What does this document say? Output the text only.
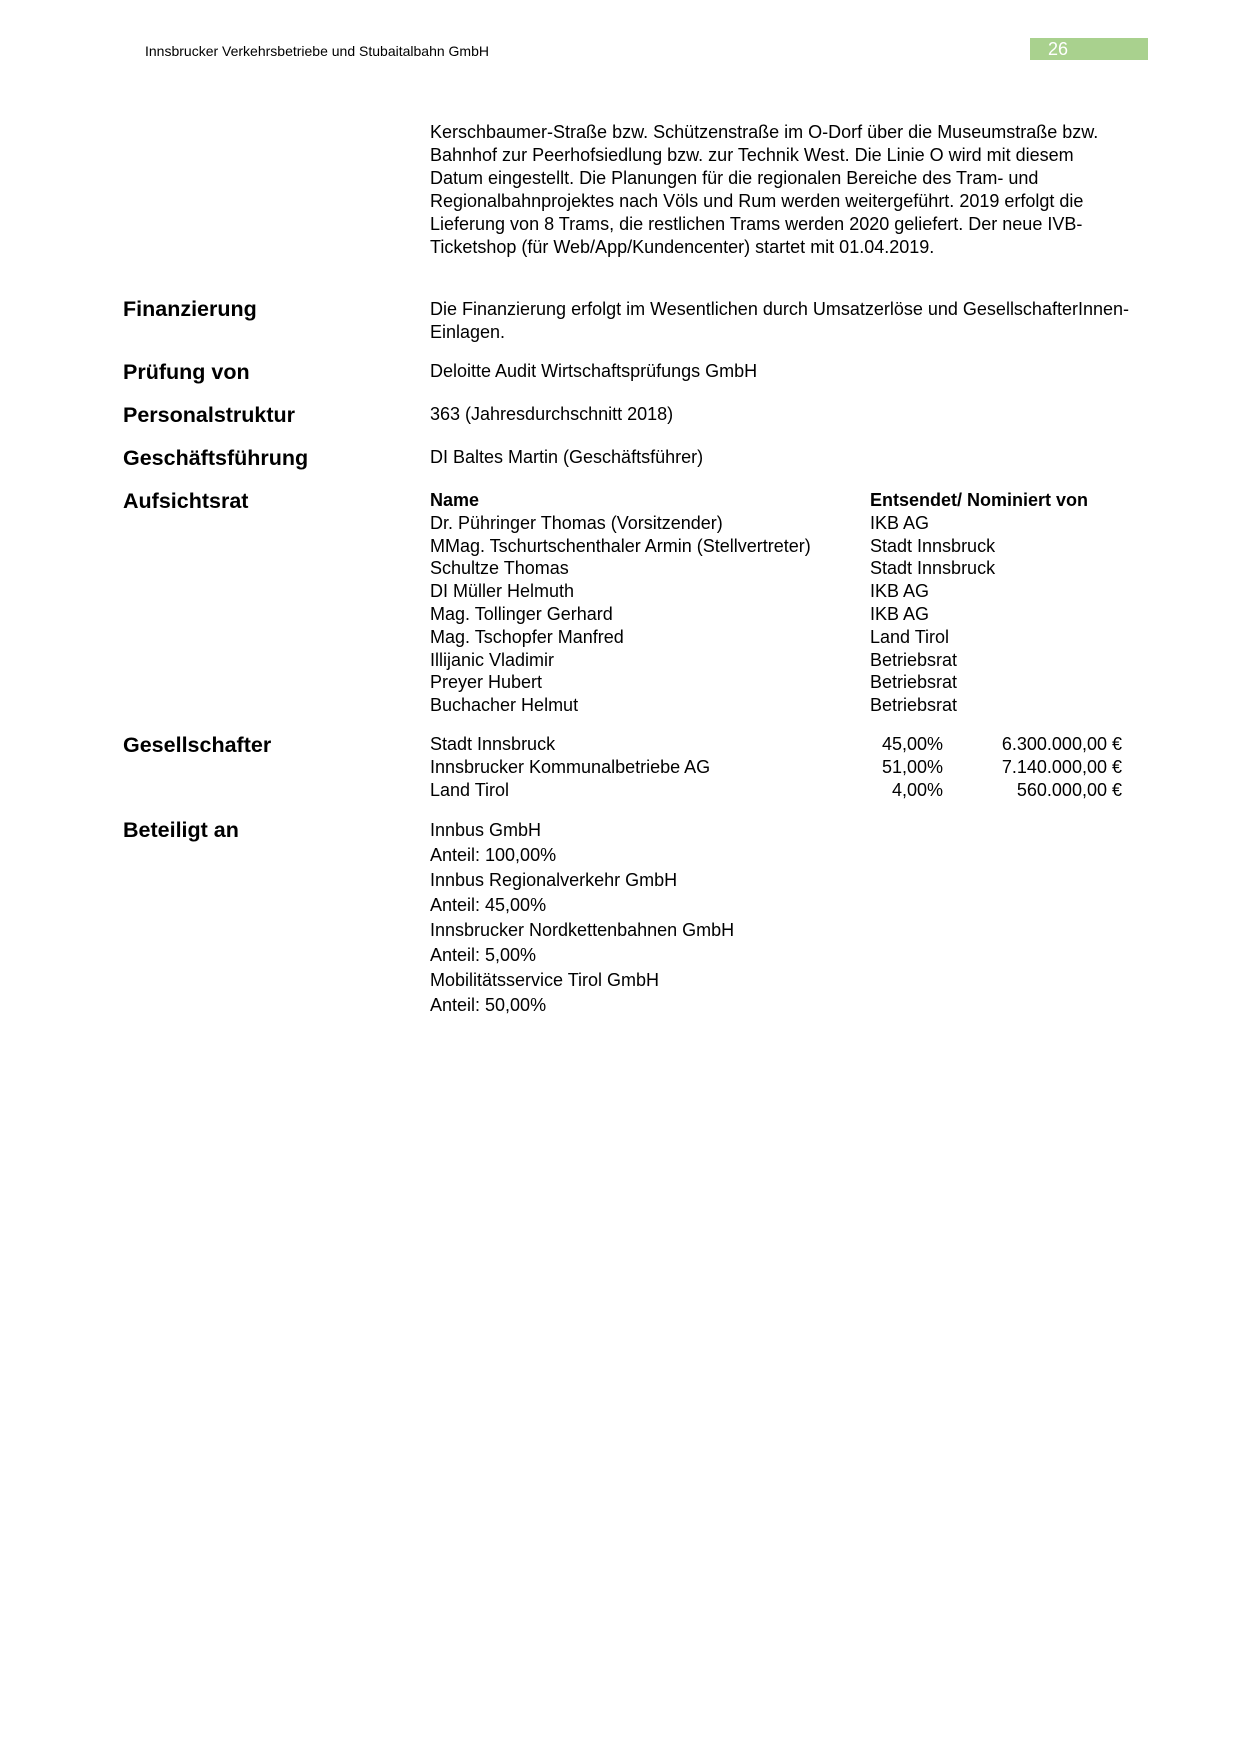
Innsbrucker Verkehrsbetriebe und Stubaitalbahn GmbH	26

Kerschbaumer-Straße bzw. Schützenstraße im O-Dorf über die Museumstraße bzw. Bahnhof zur Peerhofsiedlung bzw. zur Technik West. Die Linie O wird mit diesem Datum eingestellt. Die Planungen für die regionalen Bereiche des Tram- und Regionalbahnprojektes nach Völs und Rum werden weitergeführt. 2019 erfolgt die Lieferung von 8 Trams, die restlichen Trams werden 2020 geliefert. Der neue IVB-Ticketshop (für Web/App/Kundencenter) startet mit 01.04.2019.

Finanzierung	Die Finanzierung erfolgt im Wesentlichen durch Umsatzerlöse und GesellschafterInnen-Einlagen.

Prüfung von	Deloitte Audit Wirtschaftsprüfungs GmbH

Personalstruktur	363 (Jahresdurchschnitt 2018)

Geschäftsführung	DI Baltes Martin (Geschäftsführer)

Aufsichtsrat	Name	Entsendet/ Nominiert von
Dr. Pühringer Thomas (Vorsitzender)	IKB AG
MMag. Tschurtschenthaler Armin (Stellvertreter)	Stadt Innsbruck
Schultze Thomas	Stadt Innsbruck
DI Müller Helmuth	IKB AG
Mag. Tollinger Gerhard	IKB AG
Mag. Tschopfer Manfred	Land Tirol
Illijanic Vladimir	Betriebsrat
Preyer Hubert	Betriebsrat
Buchacher Helmut	Betriebsrat
Gesellschafter	Stadt Innsbruck	45,00%	6.300.000,00 €
Innsbrucker Kommunalbetriebe AG	51,00%	7.140.000,00 €
Land Tirol	4,00%	560.000,00 €
Beteiligt an	Innbus GmbH
Anteil: 100,00%
Innbus Regionalverkehr GmbH
Anteil: 45,00%
Innsbrucker Nordkettenbahnen GmbH
Anteil: 5,00%
Mobilitätsservice Tirol GmbH
Anteil: 50,00%
